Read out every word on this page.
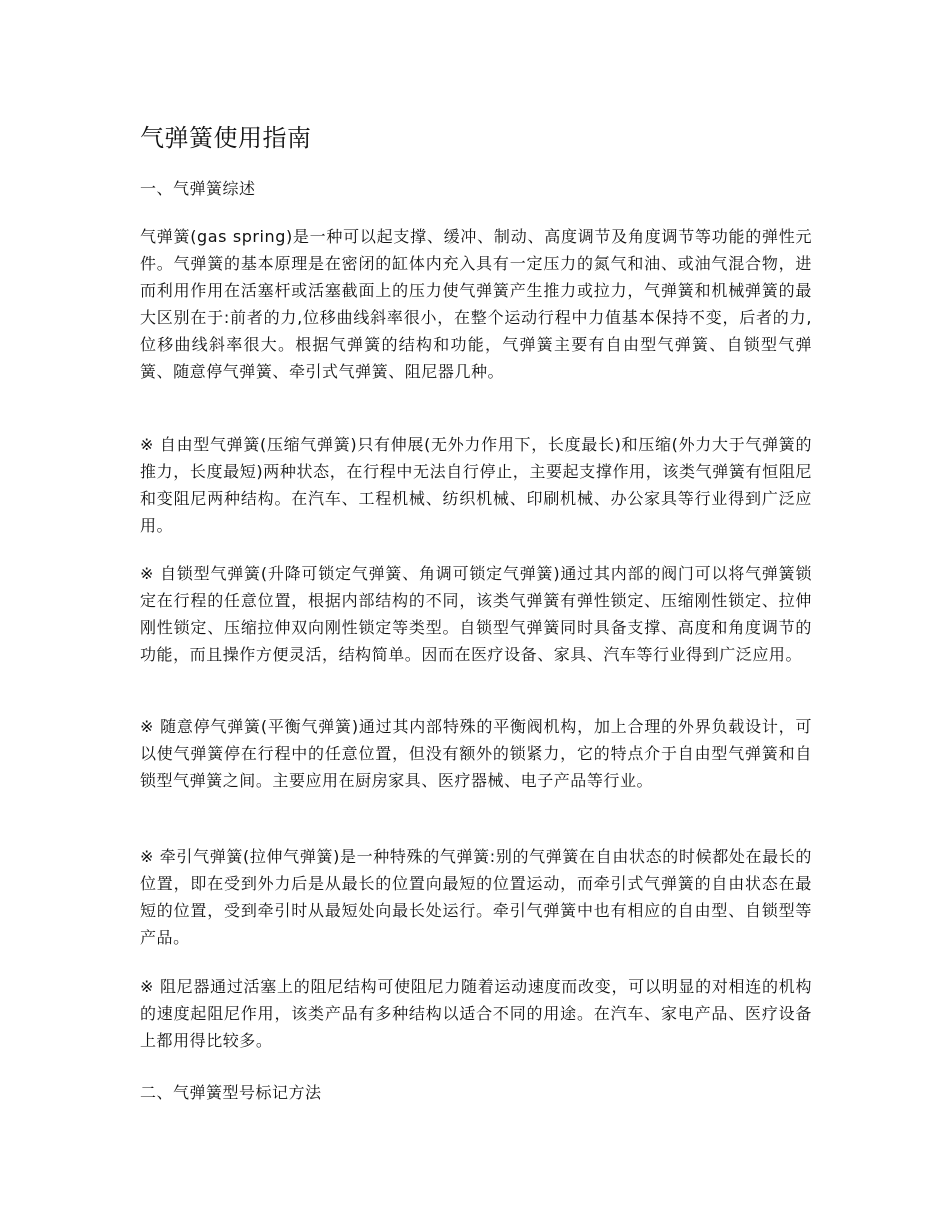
气弹簧使用指南
一、气弹簧综述

气弹簧(gas spring)是一种可以起支撑、缓冲、制动、高度调节及角度调节等功能的弹性元件。气弹簧的基本原理是在密闭的缸体内充入具有一定压力的氮气和油、或油气混合物，进而利用作用在活塞杆或活塞截面上的压力使气弹簧产生推力或拉力，气弹簧和机械弹簧的最大区别在于:前者的力,位移曲线斜率很小，在整个运动行程中力值基本保持不变，后者的力,位移曲线斜率很大。根据气弹簧的结构和功能，气弹簧主要有自由型气弹簧、自锁型气弹簧、随意停气弹簧、牵引式气弹簧、阻尼器几种。

※ 自由型气弹簧(压缩气弹簧)只有伸展(无外力作用下，长度最长)和压缩(外力大于气弹簧的推力，长度最短)两种状态，在行程中无法自行停止，主要起支撑作用，该类气弹簧有恒阻尼和变阻尼两种结构。在汽车、工程机械、纺织机械、印刷机械、办公家具等行业得到广泛应用。

※ 自锁型气弹簧(升降可锁定气弹簧、角调可锁定气弹簧)通过其内部的阀门可以将气弹簧锁定在行程的任意位置，根据内部结构的不同，该类气弹簧有弹性锁定、压缩刚性锁定、拉伸刚性锁定、压缩拉伸双向刚性锁定等类型。自锁型气弹簧同时具备支撑、高度和角度调节的功能，而且操作方便灵活，结构简单。因而在医疗设备、家具、汽车等行业得到广泛应用。

※ 随意停气弹簧(平衡气弹簧)通过其内部特殊的平衡阀机构，加上合理的外界负载设计，可以使气弹簧停在行程中的任意位置，但没有额外的锁紧力，它的特点介于自由型气弹簧和自锁型气弹簧之间。主要应用在厨房家具、医疗器械、电子产品等行业。

※ 牵引气弹簧(拉伸气弹簧)是一种特殊的气弹簧:别的气弹簧在自由状态的时候都处在最长的位置，即在受到外力后是从最长的位置向最短的位置运动，而牵引式气弹簧的自由状态在最短的位置，受到牵引时从最短处向最长处运行。牵引气弹簧中也有相应的自由型、自锁型等产品。

※ 阻尼器通过活塞上的阻尼结构可使阻尼力随着运动速度而改变，可以明显的对相连的机构的速度起阻尼作用，该类产品有多种结构以适合不同的用途。在汽车、家电产品、医疗设备上都用得比较多。

二、气弹簧型号标记方法
